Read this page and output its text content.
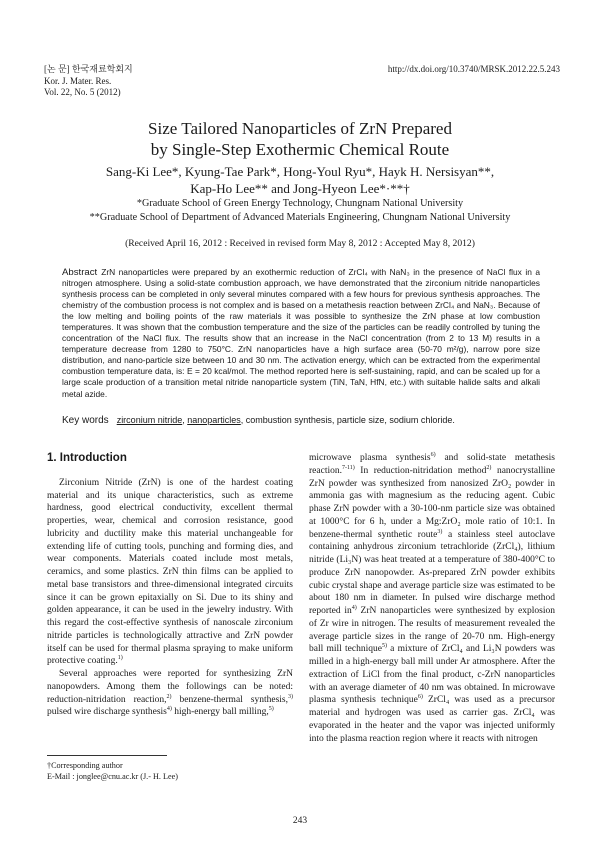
[논 문] 한국재료학회지
Kor. J. Mater. Res.
Vol. 22, No. 5 (2012)
http://dx.doi.org/10.3740/MRSK.2012.22.5.243
Size Tailored Nanoparticles of ZrN Prepared
by Single-Step Exothermic Chemical Route
Sang-Ki Lee*, Kyung-Tae Park*, Hong-Youl Ryu*, Hayk H. Nersisyan**,
Kap-Ho Lee** and Jong-Hyeon Lee*·**†
*Graduate School of Green Energy Technology, Chungnam National University
**Graduate School of Department of Advanced Materials Engineering, Chungnam National University
(Received April 16, 2012 : Received in revised form May 8, 2012 : Accepted May 8, 2012)
Abstract ZrN nanoparticles were prepared by an exothermic reduction of ZrCl₄ with NaN₃ in the presence of NaCl flux in a nitrogen atmosphere. Using a solid-state combustion approach, we have demonstrated that the zirconium nitride nanoparticles synthesis process can be completed in only several minutes compared with a few hours for previous synthesis approaches. The chemistry of the combustion process is not complex and is based on a metathesis reaction between ZrCl₄ and NaN₃. Because of the low melting and boiling points of the raw materials it was possible to synthesize the ZrN phase at low combustion temperatures. It was shown that the combustion temperature and the size of the particles can be readily controlled by tuning the concentration of the NaCl flux. The results show that an increase in the NaCl concentration (from 2 to 13 M) results in a temperature decrease from 1280 to 750°C. ZrN nanoparticles have a high surface area (50-70 m²/g), narrow pore size distribution, and nano-particle size between 10 and 30 nm. The activation energy, which can be extracted from the experimental combustion temperature data, is: E = 20 kcal/mol. The method reported here is self-sustaining, rapid, and can be scaled up for a large scale production of a transition metal nitride nanoparticle system (TiN, TaN, HfN, etc.) with suitable halide salts and alkali metal azide.
Key words zirconium nitride, nanoparticles, combustion synthesis, particle size, sodium chloride.
1. Introduction

Zirconium Nitride (ZrN) is one of the hardest coating material and its unique characteristics, such as extreme hardness, good electrical conductivity, excellent thermal properties, wear, chemical and corrosion resistance, good lubricity and ductility make this material unchangeable for extending life of cutting tools, punching and forming dies, and wear components. Materials coated include most metals, ceramics, and some plastics. ZrN thin films can be applied to metal base transistors and three-dimensional integrated circuits since it can be grown epitaxially on Si. Due to its shiny and golden appearance, it can be used in the jewelry industry. With this regard the cost-effective synthesis of nanoscale zirconium nitride particles is technologically attractive and ZrN powder itself can be used for thermal plasma spraying to make uniform protective coating.$^{1)}$

Several approaches were reported for synthesizing ZrN nanopowders. Among them the followings can be noted: reduction-nitridation reaction,$^{2)}$ benzene-thermal synthesis,$^{3)}$ pulsed wire discharge synthesis$^{4)}$ high-energy ball milling,$^{5)}$

microwave plasma synthesis$^{6)}$ and solid-state metathesis reaction.$^{7-11)}$ In reduction-nitridation method$^{2)}$ nanocrystalline ZrN powder was synthesized from nanosized ZrO₂ powder in ammonia gas with magnesium as the reducing agent. Cubic phase ZrN powder with a 30-100-nm particle size was obtained at 1000°C for 6 h, under a Mg:ZrO₂ mole ratio of 10:1. In benzene-thermal synthetic route$^{3)}$ a stainless steel autoclave containing anhydrous zirconium tetrachloride (ZrCl₄), lithium nitride (Li₃N) was heat treated at a temperature of 380-400°C to produce ZrN nanopowder. As-prepared ZrN powder exhibits cubic crystal shape and average particle size was estimated to be about 180 nm in diameter. In pulsed wire discharge method reported $in^{4)}$ ZrN nanoparticles were synthesized by explosion of Zr wire in nitrogen. The results of measurement revealed the average particle sizes in the range of 20-70 nm. High-energy ball mill technique$^{5)}$ a mixture of ZrCl₄ and Li₃N powders was milled in a high-energy ball mill under Ar atmosphere. After the extraction of LiCl from the final product, c-ZrN nanoparticles with an average diameter of 40 nm was obtained. In microwave plasma synthesis technique$^{6)}$ ZrCl₄ was used as a precursor material and hydrogen was used as carrier gas. ZrCl₄ was evaporated in the heater and the vapor was injected uniformly into the plasma reaction region where it reacts with nitrogen

†Corresponding author
E-Mail : jonglee@cnu.ac.kr (J.- H. Lee)
243
